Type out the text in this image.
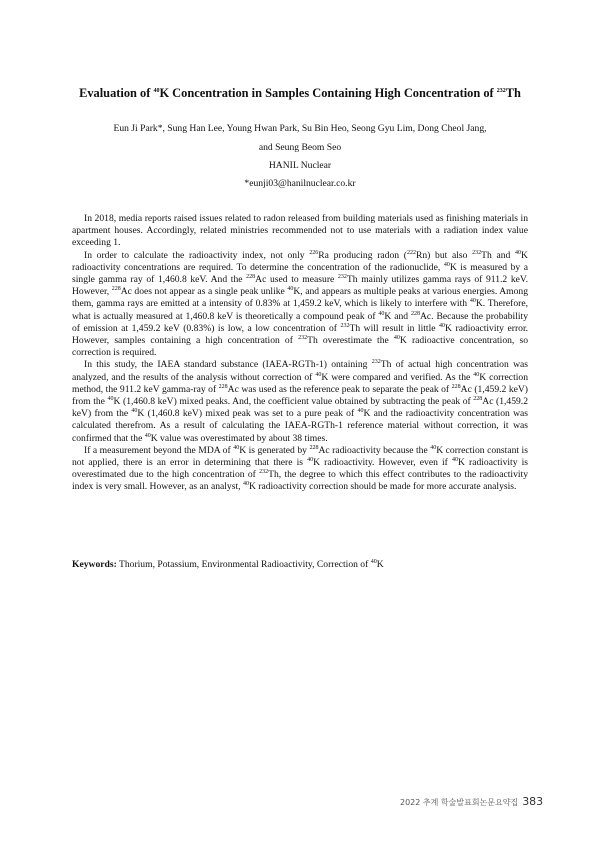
Evaluation of $^{40}$K Concentration in Samples Containing High Concentration of $^{232}$Th
Eun Ji Park*, Sung Han Lee, Young Hwan Park, Su Bin Heo, Seong Gyu Lim, Dong Cheol Jang,
and Seung Beom Seo
HANIL Nuclear
*eunji03@hanilnuclear.co.kr

In 2018, media reports raised issues related to radon released from building materials used as finishing materials in apartment houses. Accordingly, related ministries recommended not to use materials with a radiation index value exceeding 1.

In order to calculate the radioactivity index, not only $^{226}$Ra producing radon ($^{222}$Rn) but also $^{232}$Th and $^{40}$K radioactivity concentrations are required. To determine the concentration of the radionuclide, $^{40}$K is measured by a single gamma ray of 1,460.8 keV. And the $^{228}$Ac used to measure $^{232}$Th mainly utilizes gamma rays of 911.2 keV. However, $^{228}$Ac does not appear as a single peak unlike $^{40}$K, and appears as multiple peaks at various energies. Among them, gamma rays are emitted at a intensity of 0.83% at 1,459.2 keV, which is likely to interfere with $^{40}$K. Therefore, what is actually measured at 1,460.8 keV is theoretically a compound peak of $^{40}$K and $^{228}$Ac. Because the probability of emission at 1,459.2 keV (0.83%) is low, a low concentration of $^{232}$Th will result in little $^{40}$K radioactivity error. However, samples containing a high concentration of $^{232}$Th overestimate the $^{40}$K radioactive concentration, so correction is required.

In this study, the IAEA standard substance (IAEA-RGTh-1) ontaining $^{232}$Th of actual high concentration was analyzed, and the results of the analysis without correction of $^{40}$K were compared and verified. As the $^{40}$K correction method, the 911.2 keV gamma-ray of $^{228}$Ac was used as the reference peak to separate the peak of $^{228}$Ac (1,459.2 keV) from the $^{40}$K (1,460.8 keV) mixed peaks. And, the coefficient value obtained by subtracting the peak of $^{228}$Ac (1,459.2 keV) from the $^{40}$K (1,460.8 keV) mixed peak was set to a pure peak of $^{40}$K and the radioactivity concentration was calculated therefrom. As a result of calculating the IAEA-RGTh-1 reference material without correction, it was confirmed that the $^{40}$K value was overestimated by about 38 times.

If a measurement beyond the MDA of $^{40}$K is generated by $^{228}$Ac radioactivity because the $^{40}$K correction constant is not applied, there is an error in determining that there is $^{40}$K radioactivity. However, even if $^{40}$K radioactivity is overestimated due to the high concentration of $^{232}$Th, the degree to which this effect contributes to the radioactivity index is very small. However, as an analyst, $^{40}$K radioactivity correction should be made for more accurate analysis.

Keywords: Thorium, Potassium, Environmental Radioactivity, Correction of $^{40}$K
2022 추계 학술발표회논문요약집 383
